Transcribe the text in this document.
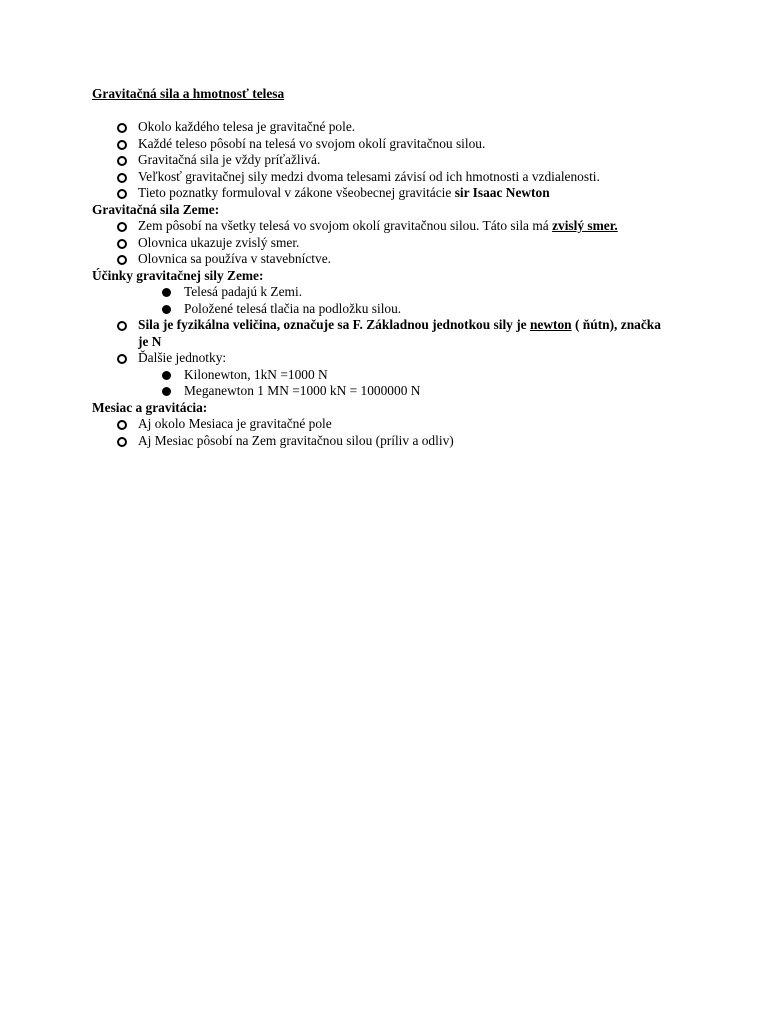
Gravitačná sila a hmotnosť telesa
Okolo každého telesa je gravitačné pole.
Každé teleso pôsobí na telesá vo svojom okolí gravitačnou silou.
Gravitačná sila je vždy príťažlivá.
Veľkosť gravitačnej sily medzi dvoma telesami závisí od ich hmotnosti a vzdialenosti.
Tieto poznatky formuloval v zákone všeobecnej gravitácie sir Isaac Newton
Gravitačná sila Zeme:
Zem pôsobí na všetky telesá vo svojom okolí gravitačnou silou. Táto sila má zvislý smer.
Olovnica ukazuje zvislý smer.
Olovnica sa používa v stavebníctve.
Účinky gravitačnej sily Zeme:
Telesá padajú k Zemi.
Položené telesá tlačia na podložku silou.
Sila je fyzikálna veličina, označuje sa F. Základnou jednotkou sily je newton ( ňútn), značka je N
Ďalšie jednotky:
Kilonewton, 1kN =1000 N
Meganewton 1 MN =1000 kN = 1000000 N
Mesiac a gravitácia:
Aj okolo Mesiaca je gravitačné pole
Aj Mesiac pôsobí na Zem gravitačnou silou (príliv a odliv)
